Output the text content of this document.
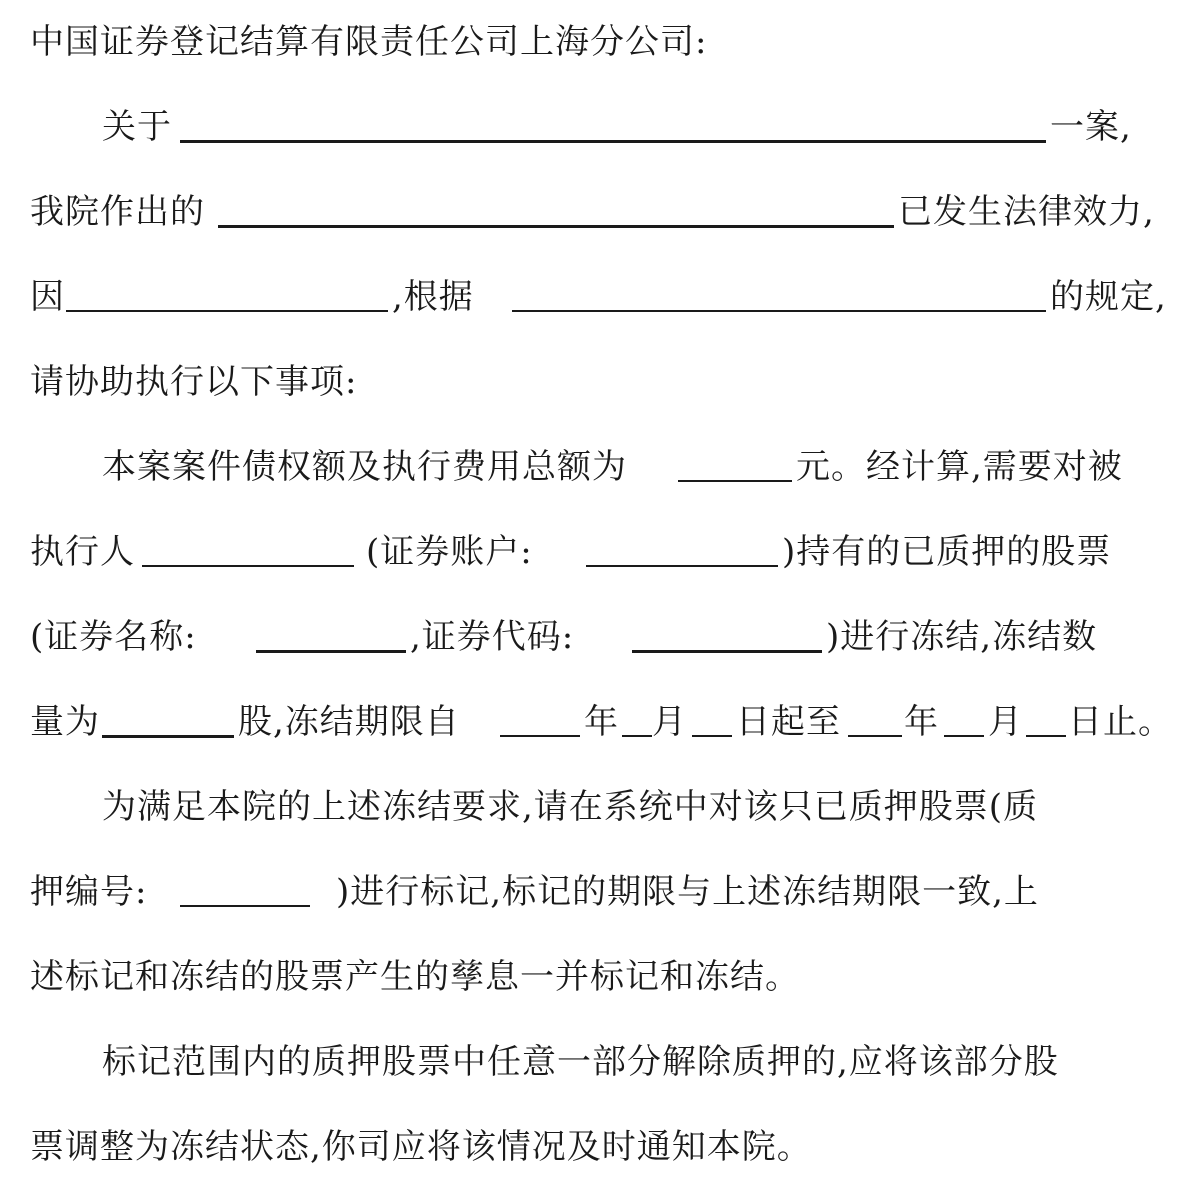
中国证券登记结算有限责任公司上海分公司:
关于	一案,
我院作出的	已发生法律效力,
因	,根据	的规定,
请协助执行以下事项:
本案案件债权额及执行费用总额为	元。经计算,需要对被
执行人	(证券账户:	)持有的已质押的股票
(证券名称:	,证券代码:	)进行冻结,冻结数
量为	股,冻结期限自	年 月 日起至 年 月 日止。
为满足本院的上述冻结要求,请在系统中对该只已质押股票(质
押编号:	)进行标记,标记的期限与上述冻结期限一致,上
述标记和冻结的股票产生的孳息一并标记和冻结。
标记范围内的质押股票中任意一部分解除质押的,应将该部分股
票调整为冻结状态,你司应将该情况及时通知本院。
